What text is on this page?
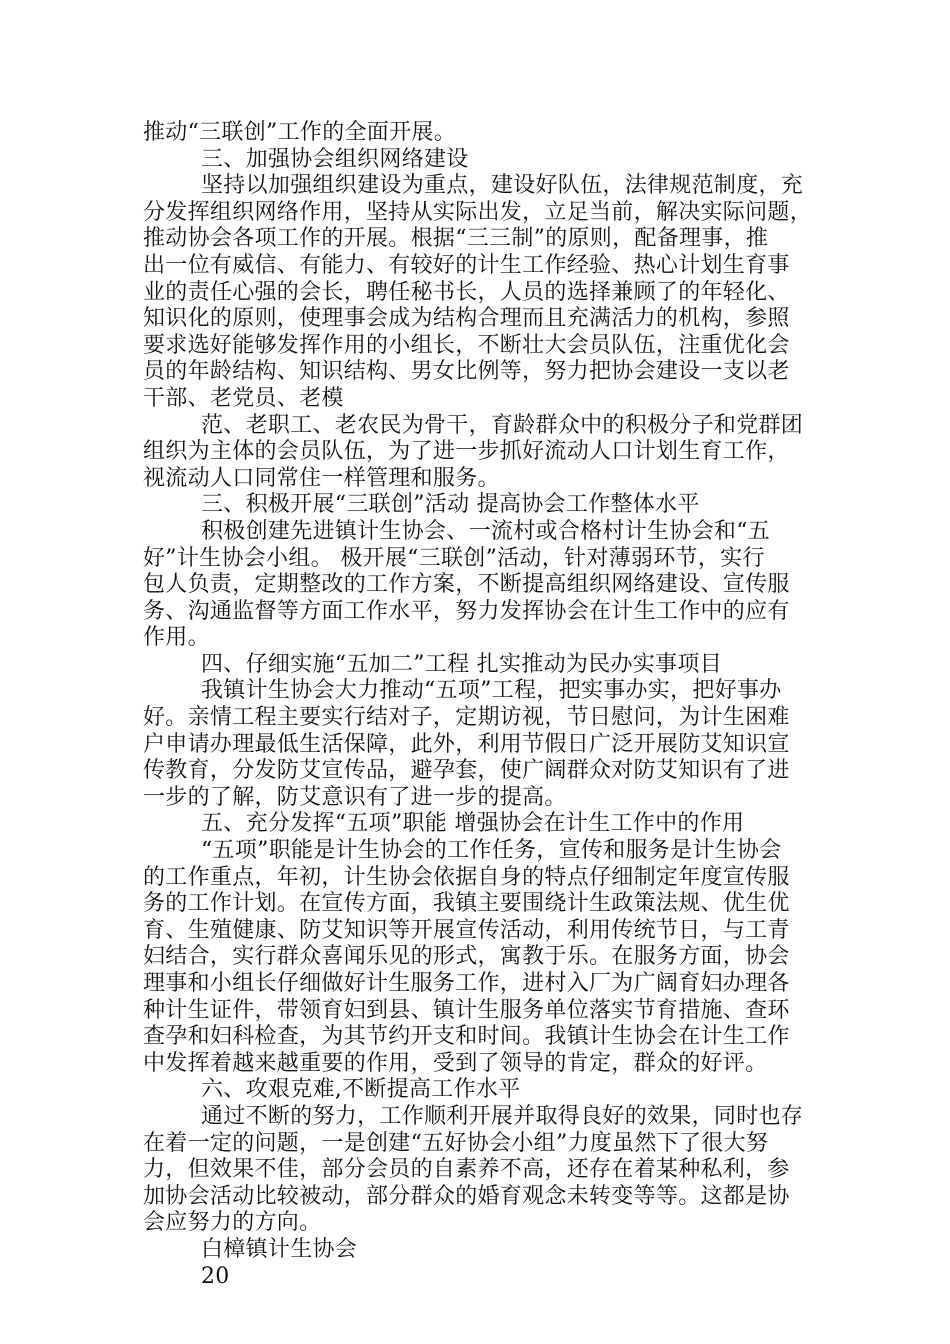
推动“三联创”工作的全面开展。
三、加强协会组织网络建设
坚持以加强组织建设为重点，建设好队伍，法律规范制度，充
分发挥组织网络作用，坚持从实际出发，立足当前，解决实际问题，
推动协会各项工作的开展。根据“三三制”的原则，配备理事，推
出一位有威信、有能力、有较好的计生工作经验、热心计划生育事
业的责任心强的会长，聘任秘书长，人员的选择兼顾了的年轻化、
知识化的原则，使理事会成为结构合理而且充满活力的机构，参照
要求选好能够发挥作用的小组长，不断壮大会员队伍，注重优化会
员的年龄结构、知识结构、男女比例等，努力把协会建设一支以老
干部、老党员、老模
范、老职工、老农民为骨干，育龄群众中的积极分子和党群团
组织为主体的会员队伍，为了进一步抓好流动人口计划生育工作，
视流动人口同常住一样管理和服务。
三、积极开展“三联创”活动 提高协会工作整体水平
积极创建先进镇计生协会、一流村或合格村计生协会和“五
好”计生协会小组。 极开展“三联创”活动，针对薄弱环节，实行
包人负责，定期整改的工作方案，不断提高组织网络建设、宣传服
务、沟通监督等方面工作水平，努力发挥协会在计生工作中的应有
作用。
四、仔细实施“五加二”工程 扎实推动为民办实事项目
我镇计生协会大力推动“五项”工程，把实事办实，把好事办
好。亲情工程主要实行结对子，定期访视，节日慰问，为计生困难
户申请办理最低生活保障，此外，利用节假日广泛开展防艾知识宣
传教育，分发防艾宣传品，避孕套，使广阔群众对防艾知识有了进
一步的了解，防艾意识有了进一步的提高。
五、充分发挥“五项”职能 增强协会在计生工作中的作用
“五项”职能是计生协会的工作任务，宣传和服务是计生协会
的工作重点，年初，计生协会依据自身的特点仔细制定年度宣传服
务的工作计划。在宣传方面，我镇主要围绕计生政策法规、优生优
育、生殖健康、防艾知识等开展宣传活动，利用传统节日，与工青
妇结合，实行群众喜闻乐见的形式，寓教于乐。在服务方面，协会
理事和小组长仔细做好计生服务工作，进村入厂为广阔育妇办理各
种计生证件，带领育妇到县、镇计生服务单位落实节育措施、查环
查孕和妇科检查，为其节约开支和时间。我镇计生协会在计生工作
中发挥着越来越重要的作用，受到了领导的肯定，群众的好评。
六、攻艰克难,不断提高工作水平
通过不断的努力，工作顺利开展并取得良好的效果，同时也存
在着一定的问题，一是创建“五好协会小组”力度虽然下了很大努
力，但效果不佳，部分会员的自素养不高，还存在着某种私利，参
加协会活动比较被动，部分群众的婚育观念未转变等等。这都是协
会应努力的方向。
白樟镇计生协会
20
